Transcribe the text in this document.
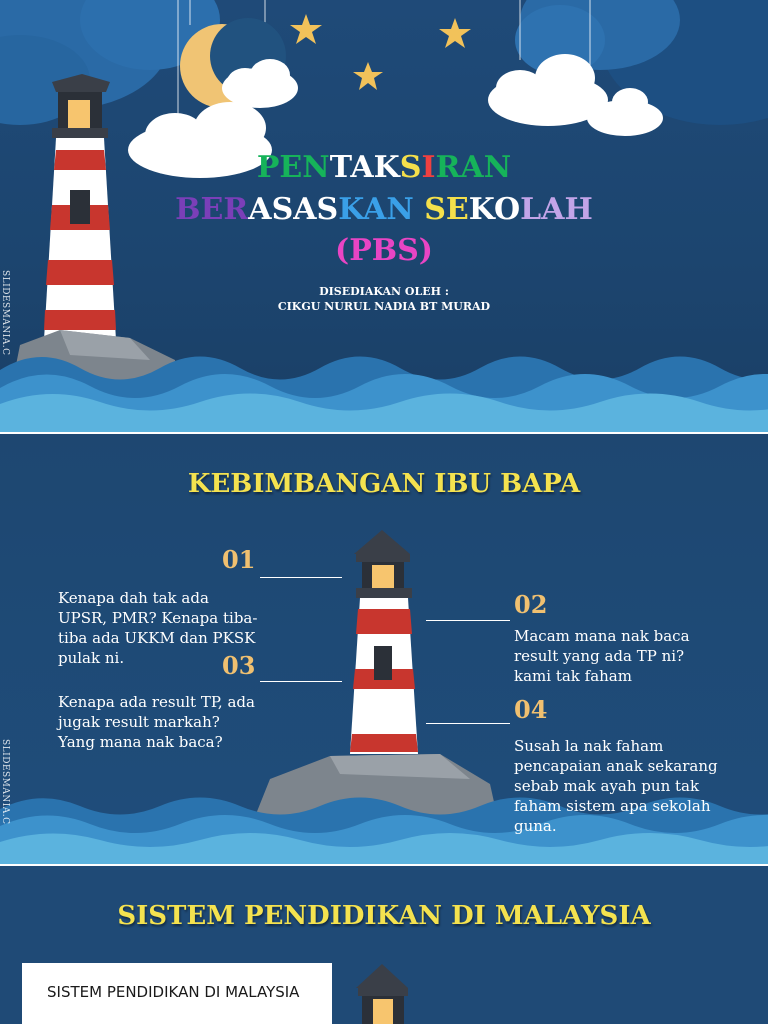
PENTAKSIRAN
BERASASKAN SEKOLAH
(PBS)
DISEDIAKAN OLEH :
CIKGU NURUL NADIA BT MURAD
SLIDESMANIA.C
KEBIMBANGAN IBU BAPA
01
Kenapa dah tak ada UPSR, PMR? Kenapa tiba-tiba ada UKKM dan PKSK pulak ni.	03
Kenapa ada result TP, ada jugak result markah? Yang mana nak baca?
02
Macam mana nak baca result yang ada TP ni?kami tak faham
04
Susah la nak faham pencapaian anak sekarang sebab mak ayah pun tak faham sistem apa sekolah guna.
SLIDESMANIA.C
SISTEM PENDIDIKAN DI MALAYSIA
SISTEM PENDIDIKAN DI MALAYSIA
